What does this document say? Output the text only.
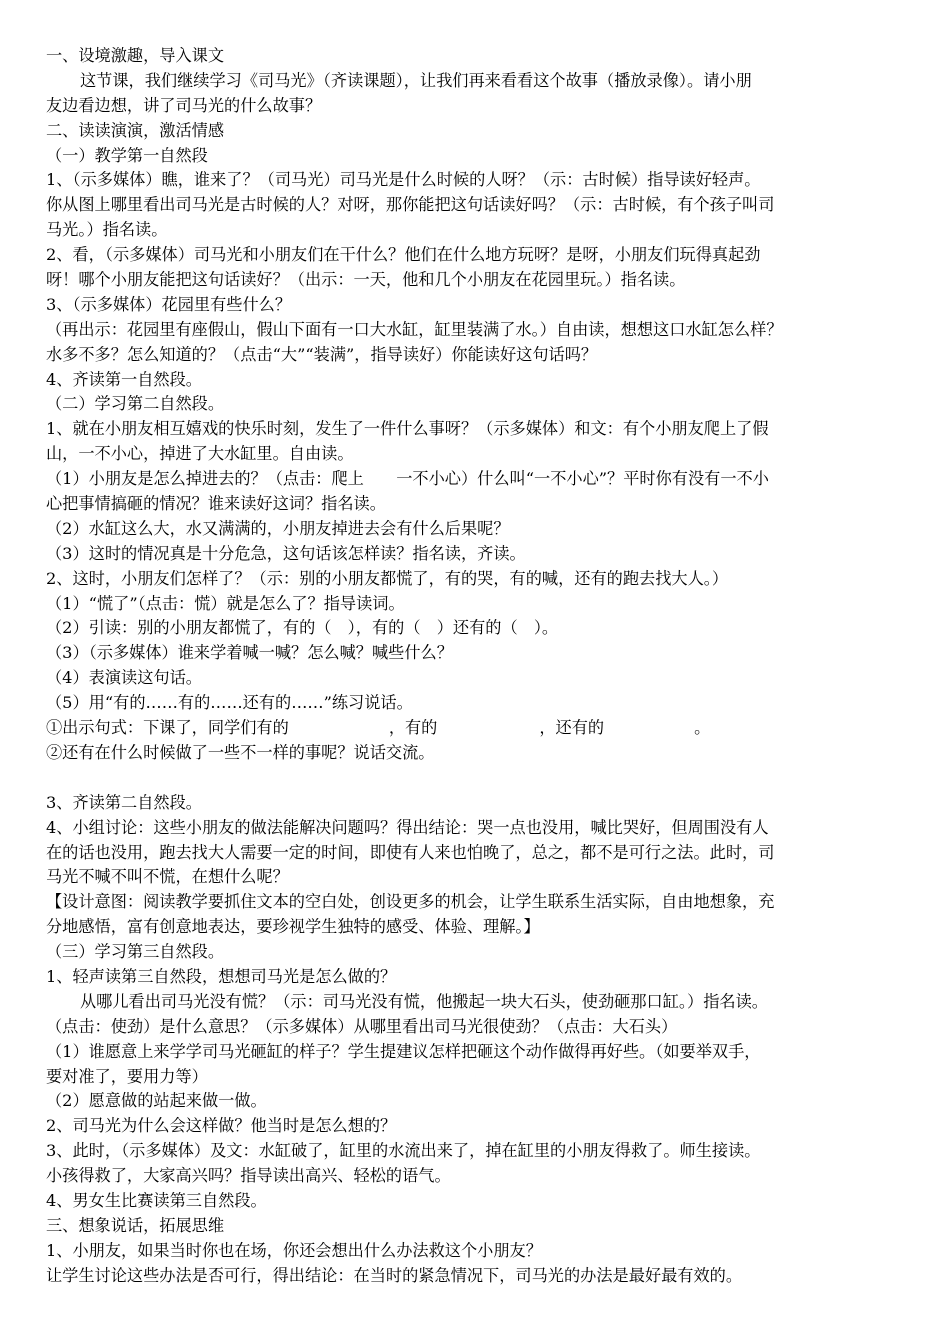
一、设境激趣，导入课文
这节课，我们继续学习《司马光》（齐读课题），让我们再来看看这个故事（播放录像）。请小朋
友边看边想，讲了司马光的什么故事？
二、读读演演，激活情感
（一）教学第一自然段
1、（示多媒体）瞧，谁来了？（司马光）司马光是什么时候的人呀？（示：古时候）指导读好轻声。
你从图上哪里看出司马光是古时候的人？对呀，那你能把这句话读好吗？（示：古时候，有个孩子叫司
马光。）指名读。
2、看，（示多媒体）司马光和小朋友们在干什么？他们在什么地方玩呀？是呀，小朋友们玩得真起劲
呀！哪个小朋友能把这句话读好？（出示：一天，他和几个小朋友在花园里玩。）指名读。
3、（示多媒体）花园里有些什么？
（再出示：花园里有座假山，假山下面有一口大水缸，缸里装满了水。）自由读，想想这口水缸怎么样？
水多不多？怎么知道的？（点击“大”“装满”，指导读好）你能读好这句话吗？
4、齐读第一自然段。
（二）学习第二自然段。
1、就在小朋友相互嬉戏的快乐时刻，发生了一件什么事呀？（示多媒体）和文：有个小朋友爬上了假
山，一不小心，掉进了大水缸里。自由读。
（1）小朋友是怎么掉进去的？（点击：爬上　　一不小心）什么叫“一不小心”？平时你有没有一不小
心把事情搞砸的情况？谁来读好这词？指名读。
（2）水缸这么大，水又满满的，小朋友掉进去会有什么后果呢？
（3）这时的情况真是十分危急，这句话该怎样读？指名读，齐读。
2、这时，小朋友们怎样了？（示：别的小朋友都慌了，有的哭，有的喊，还有的跑去找大人。）
（1）“慌了”（点击：慌）就是怎么了？指导读词。
（2）引读：别的小朋友都慌了，有的（　），有的（　）还有的（　）。
（3）（示多媒体）谁来学着喊一喊？怎么喊？喊些什么？
（4）表演读这句话。
（5）用“有的……有的……还有的……”练习说话。
①出示句式：下课了，同学们有的	，有的	，还有的	。
②还有在什么时候做了一些不一样的事呢？说话交流。
3、齐读第二自然段。
4、小组讨论：这些小朋友的做法能解决问题吗？得出结论：哭一点也没用，喊比哭好，但周围没有人
在的话也没用，跑去找大人需要一定的时间，即使有人来也怕晚了，总之，都不是可行之法。此时，司
马光不喊不叫不慌，在想什么呢？
【设计意图：阅读教学要抓住文本的空白处，创设更多的机会，让学生联系生活实际，自由地想象，充
分地感悟，富有创意地表达，要珍视学生独特的感受、体验、理解。】
（三）学习第三自然段。
1、轻声读第三自然段，想想司马光是怎么做的？
从哪儿看出司马光没有慌？（示：司马光没有慌，他搬起一块大石头，使劲砸那口缸。）指名读。
（点击：使劲）是什么意思？（示多媒体）从哪里看出司马光很使劲？（点击：大石头）
（1）谁愿意上来学学司马光砸缸的样子？学生提建议怎样把砸这个动作做得再好些。（如要举双手，
要对准了，要用力等）
（2）愿意做的站起来做一做。
2、司马光为什么会这样做？他当时是怎么想的？
3、此时，（示多媒体）及文：水缸破了，缸里的水流出来了，掉在缸里的小朋友得救了。师生接读。
小孩得救了，大家高兴吗？指导读出高兴、轻松的语气。
4、男女生比赛读第三自然段。
三、想象说话，拓展思维
1、小朋友，如果当时你也在场，你还会想出什么办法救这个小朋友？
让学生讨论这些办法是否可行，得出结论：在当时的紧急情况下，司马光的办法是最好最有效的。
